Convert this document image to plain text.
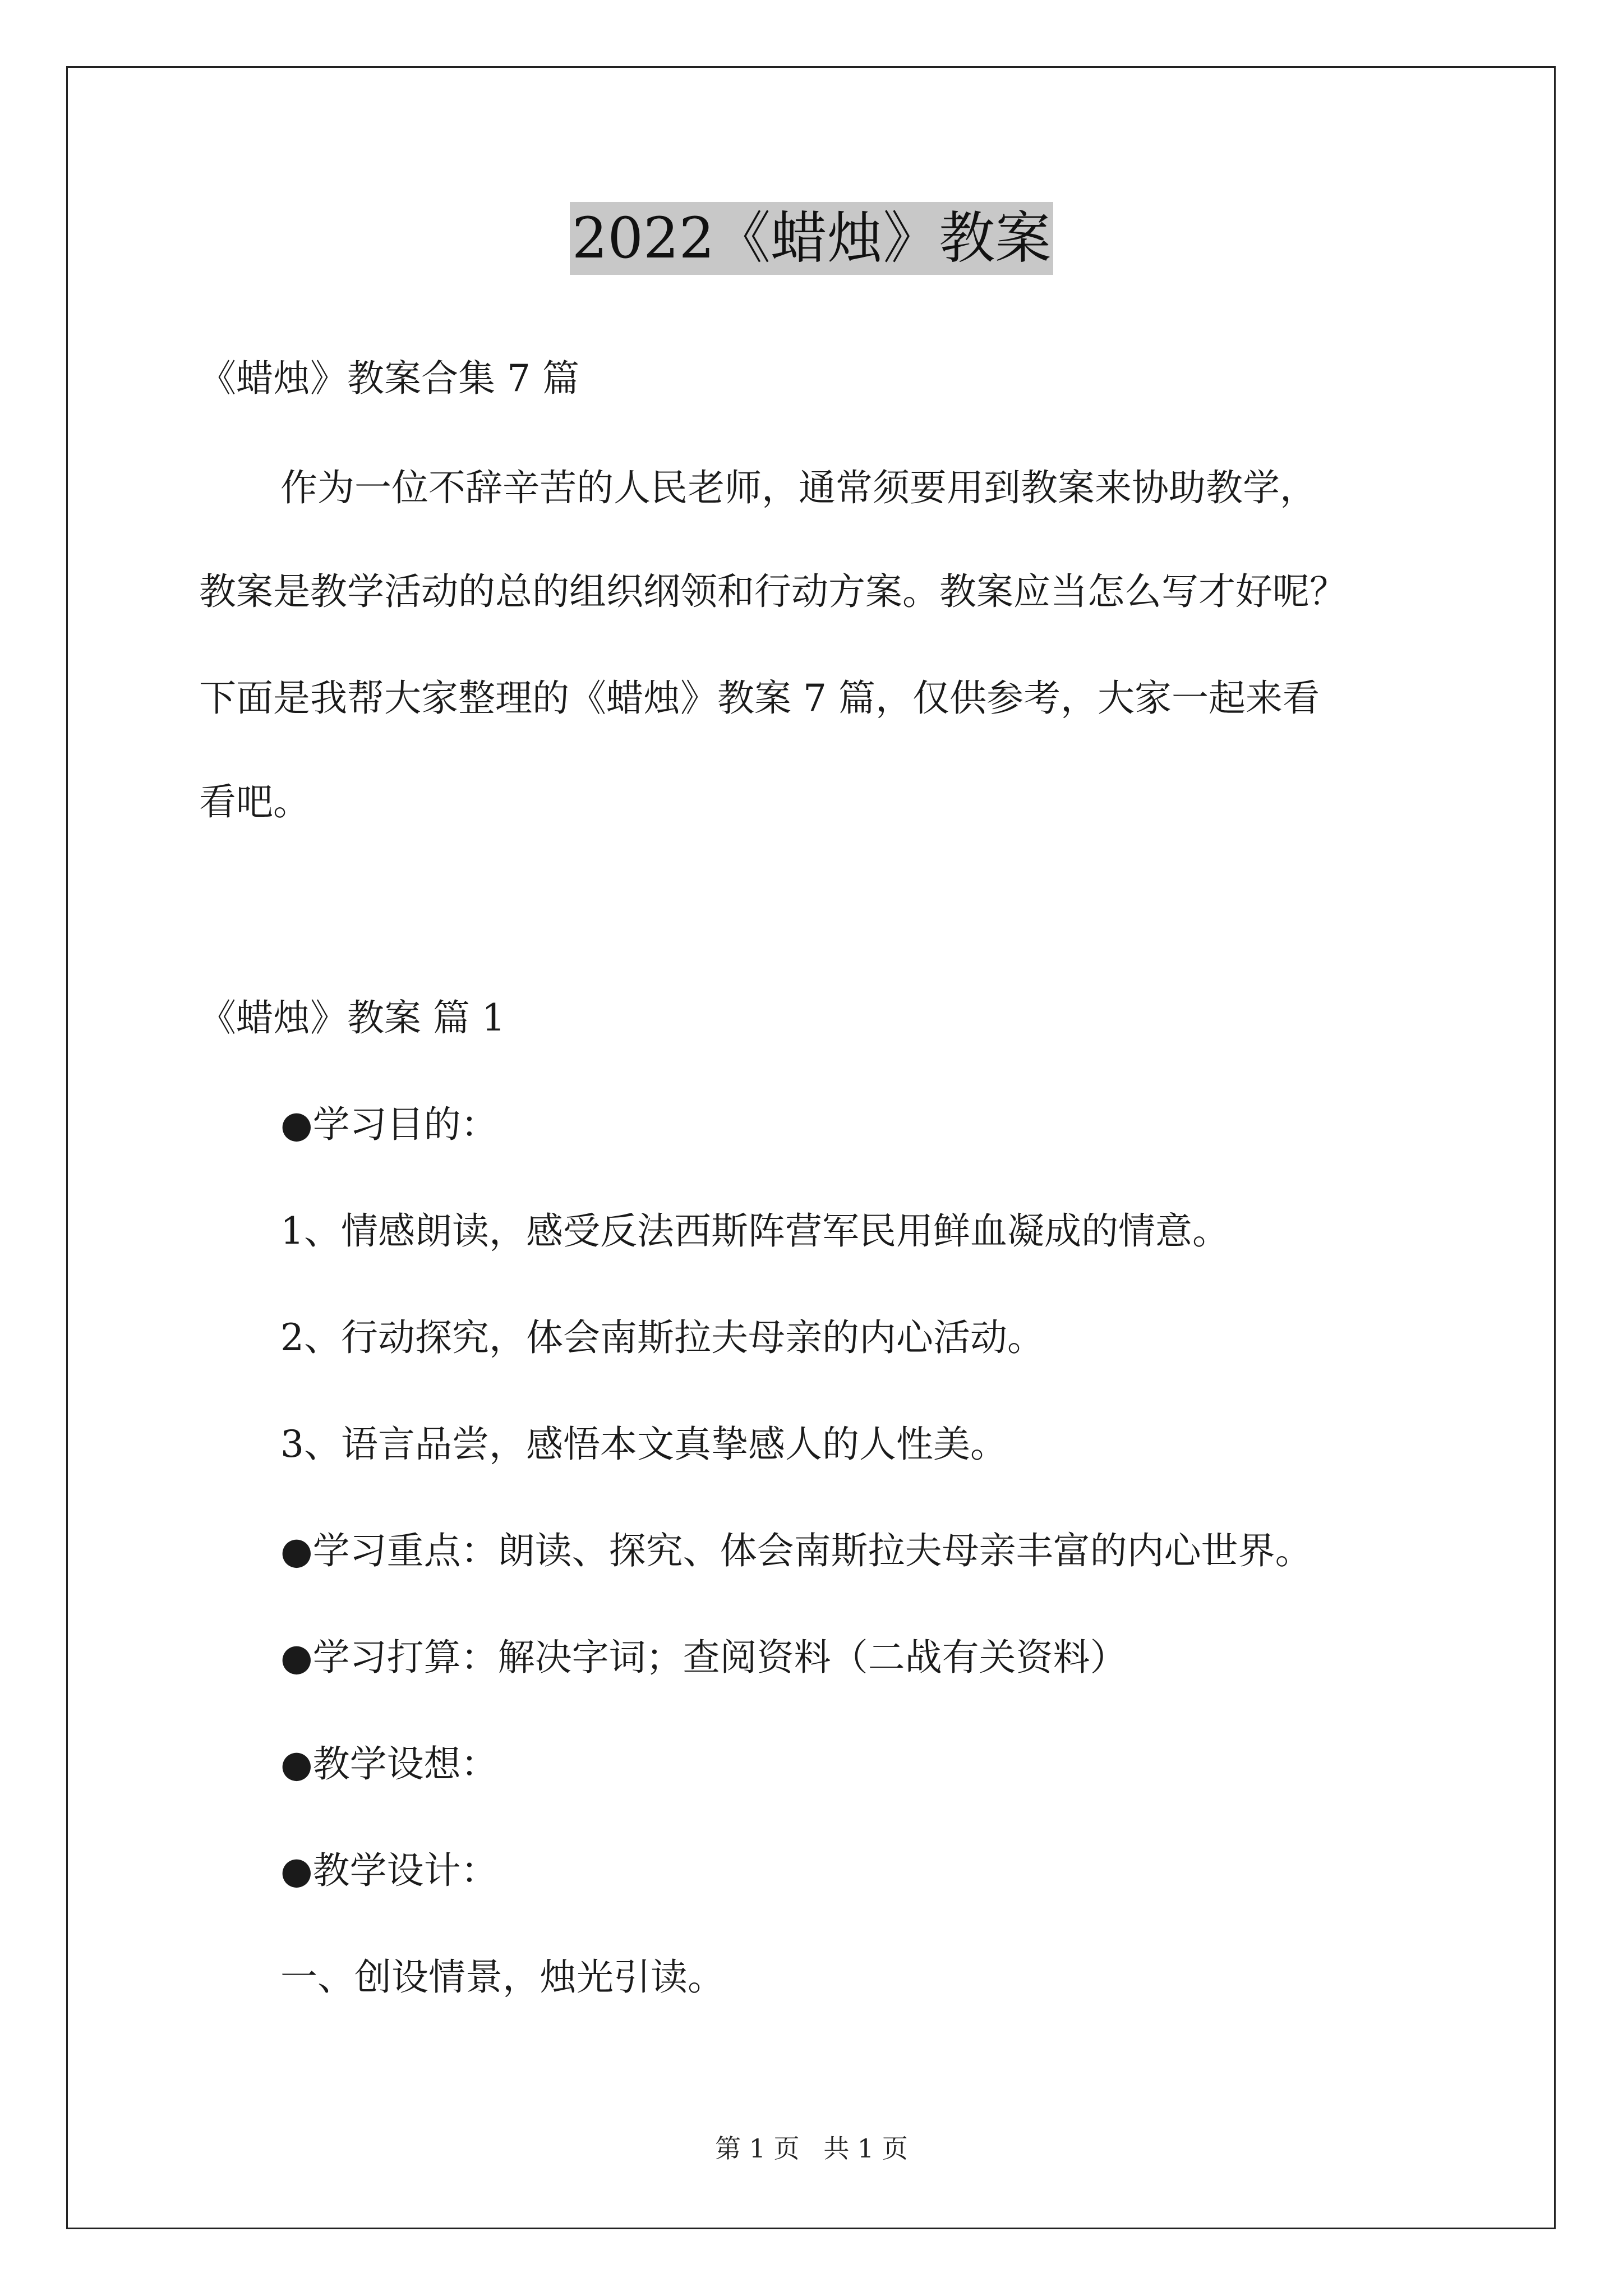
2022《蜡烛》教案
《蜡烛》教案合集 7 篇
作为一位不辞辛苦的人民老师，通常须要用到教案来协助教学，
教案是教学活动的总的组织纲领和行动方案。教案应当怎么写才好呢？
下面是我帮大家整理的《蜡烛》教案 7 篇，仅供参考，大家一起来看
看吧。
《蜡烛》教案 篇 1
●学习目的：
1、情感朗读，感受反法西斯阵营军民用鲜血凝成的情意。
2、行动探究，体会南斯拉夫母亲的内心活动。
3、语言品尝，感悟本文真挚感人的人性美。
●学习重点：朗读、探究、体会南斯拉夫母亲丰富的内心世界。
●学习打算：解决字词；查阅资料（二战有关资料）
●教学设想：
●教学设计：
一、创设情景，烛光引读。
第 1 页 共 1 页
